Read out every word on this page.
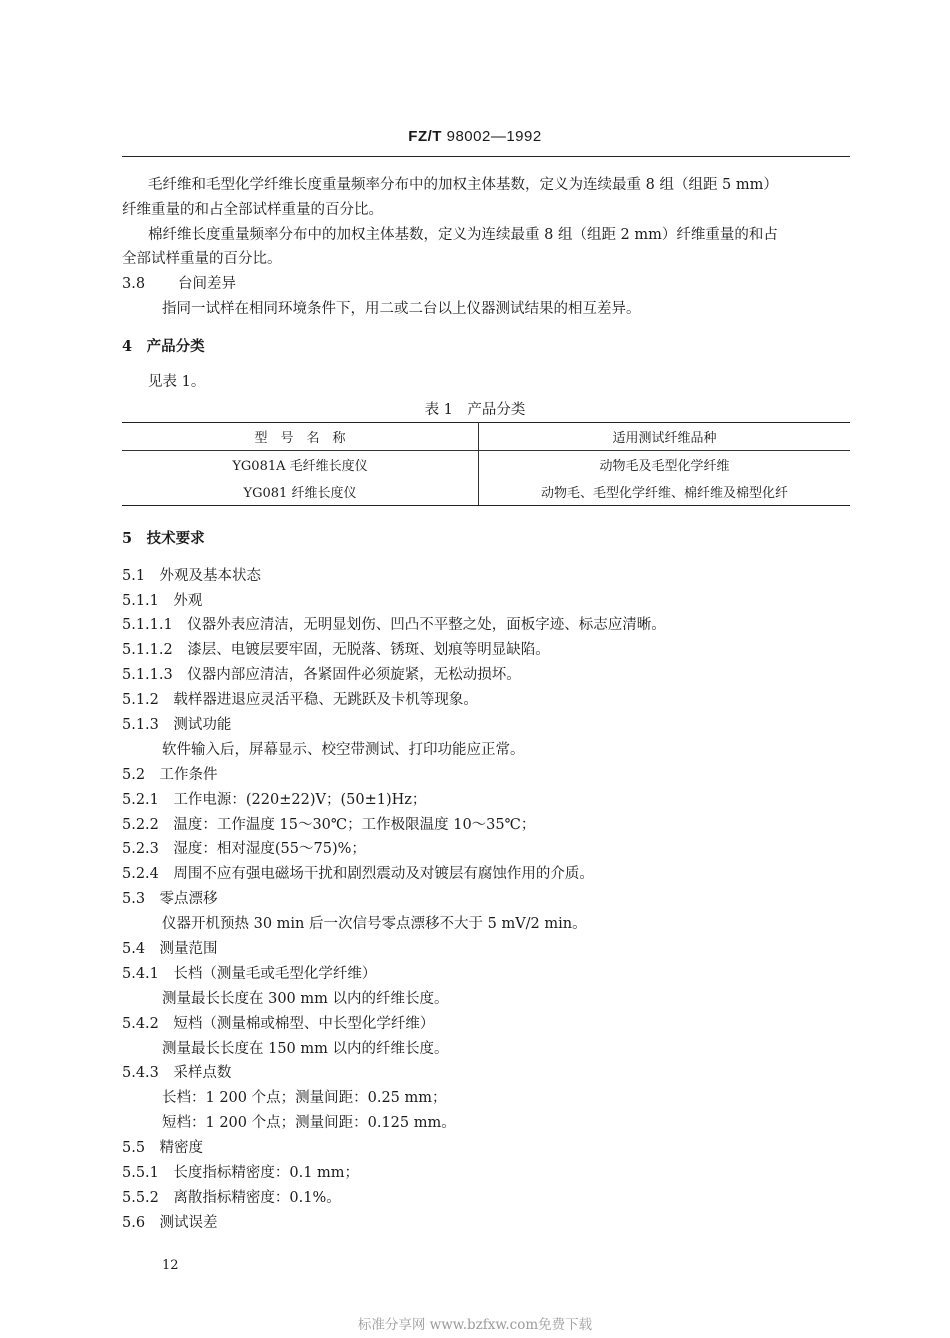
FZ/T 98002—1992
毛纤维和毛型化学纤维长度重量频率分布中的加权主体基数，定义为连续最重 8 组（组距 5 mm）
纤维重量的和占全部试样重量的百分比。
棉纤维长度重量频率分布中的加权主体基数，定义为连续最重 8 组（组距 2 mm）纤维重量的和占
全部试样重量的百分比。
3.8 台间差异
指同一试样在相同环境条件下，用二或二台以上仪器测试结果的相互差异。
4　产品分类
见表 1。
表 1　产品分类
型　号　名　称	适用测试纤维品种
YG081A 毛纤维长度仪	动物毛及毛型化学纤维
YG081 纤维长度仪	动物毛、毛型化学纤维、棉纤维及棉型化纤
5　技术要求
5.1　外观及基本状态
5.1.1　外观
5.1.1.1　仪器外表应清洁，无明显划伤、凹凸不平整之处，面板字迹、标志应清晰。
5.1.1.2　漆层、电镀层要牢固，无脱落、锈斑、划痕等明显缺陷。
5.1.1.3　仪器内部应清洁，各紧固件必须旋紧，无松动损坏。
5.1.2　载样器进退应灵活平稳、无跳跃及卡机等现象。
5.1.3　测试功能
软件输入后，屏幕显示、校空带测试、打印功能应正常。
5.2　工作条件
5.2.1　工作电源：(220±22)V；(50±1)Hz；
5.2.2　温度：工作温度 15～30℃；工作极限温度 10～35℃；
5.2.3　湿度：相对湿度(55～75)%；
5.2.4　周围不应有强电磁场干扰和剧烈震动及对镀层有腐蚀作用的介质。
5.3　零点漂移
仪器开机预热 30 min 后一次信号零点漂移不大于 5 mV/2 min。
5.4　测量范围
5.4.1　长档（测量毛或毛型化学纤维）
测量最长长度在 300 mm 以内的纤维长度。
5.4.2　短档（测量棉或棉型、中长型化学纤维）
测量最长长度在 150 mm 以内的纤维长度。
5.4.3　采样点数
长档：1 200 个点；测量间距：0.25 mm；
短档：1 200 个点；测量间距：0.125 mm。
5.5　精密度
5.5.1　长度指标精密度：0.1 mm；
5.5.2　离散指标精密度：0.1%。
5.6　测试误差
12
标准分享网 www.bzfxw.com免费下载
